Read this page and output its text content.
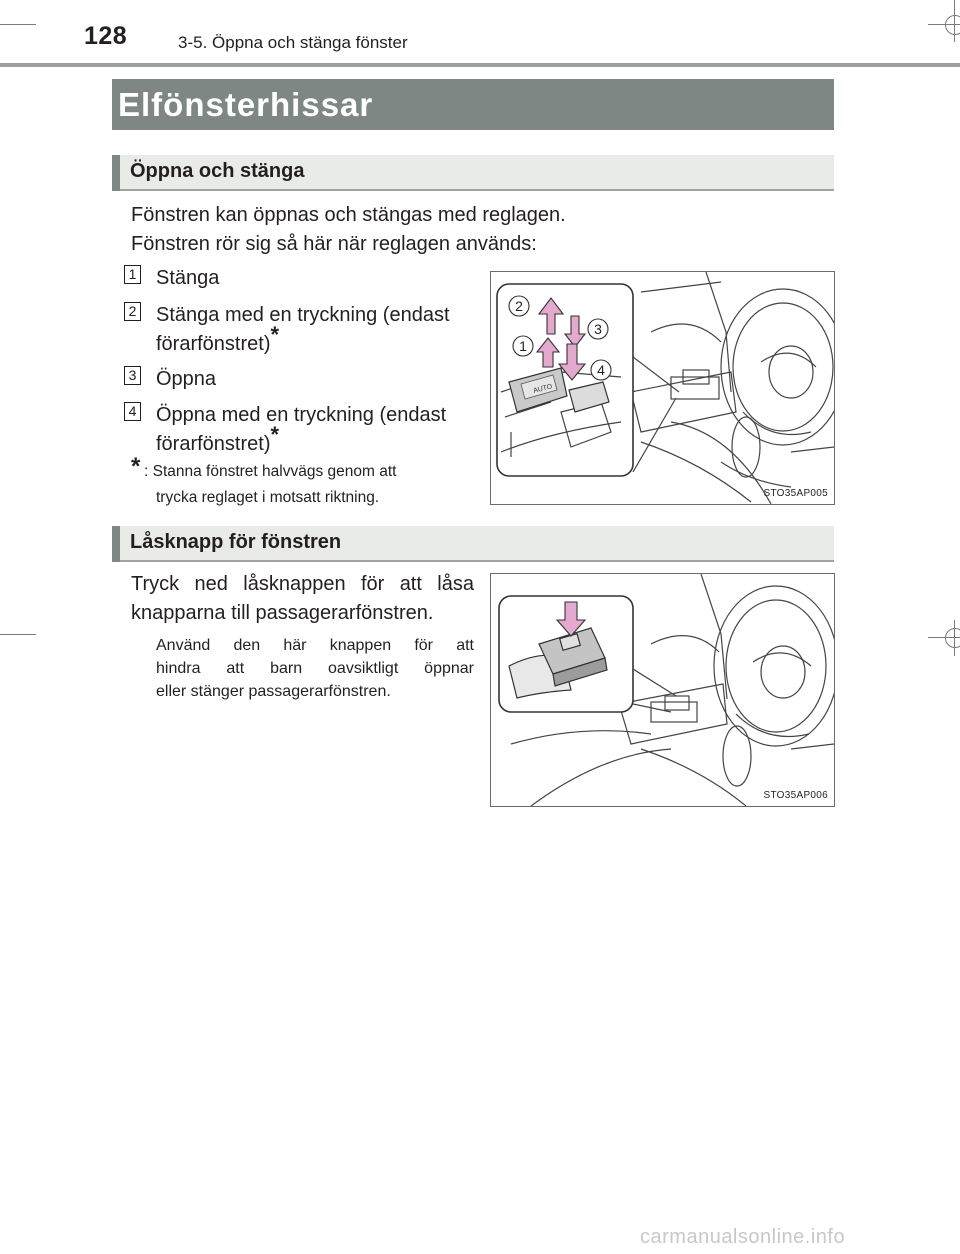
128	3-5. Öppna och stänga fönster
Elfönsterhissar
Öppna och stänga
Fönstren kan öppnas och stängas med reglagen.
Fönstren rör sig så här när reglagen används:
1 Stänga
2 Stänga med en tryckning (endast
förarfönstret)*
3 Öppna
4 Öppna med en tryckning (endast
förarfönstret)*
* : Stanna fönstret halvvägs genom att
trycka reglaget i motsatt riktning.
AUTO
2
3
1
4
STO35AP005
Låsknapp för fönstren
Tryck ned låsknappen för att låsa
knapparna till passagerarfönstren.
Använd den här knappen för att
hindra att barn oavsiktligt öppnar
eller stänger passagerarfönstren.
STO35AP006
carmanualsonline.info
